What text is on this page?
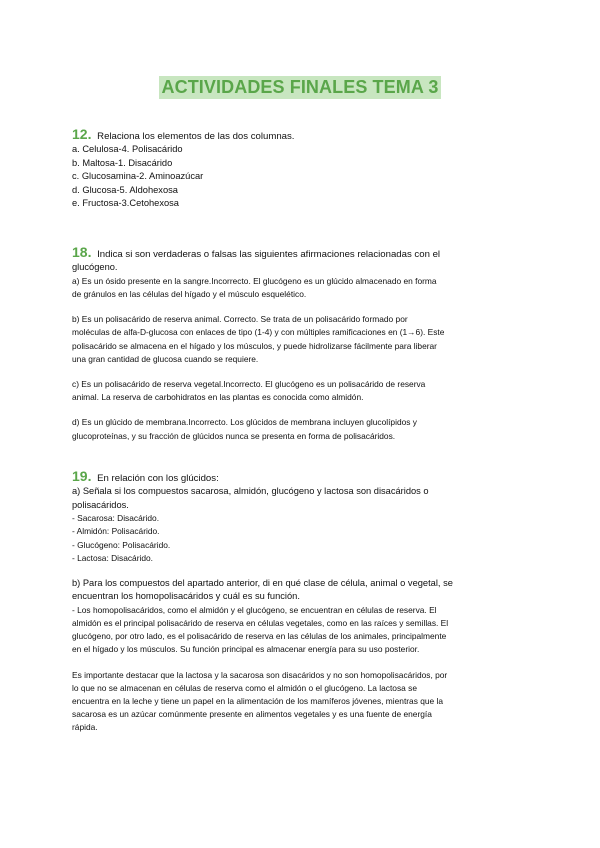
ACTIVIDADES FINALES TEMA 3
12. Relaciona los elementos de las dos columnas.

a. Celulosa-4. Polisacárido

b. Maltosa-1. Disacárido

c. Glucosamina-2. Aminoazúcar

d. Glucosa-5. Aldohexosa

e. Fructosa-3.Cetohexosa

18. Indica si son verdaderas o falsas las siguientes afirmaciones relacionadas con el

glucógeno.

a) Es un ósido presente en la sangre.Incorrecto. El glucógeno es un glúcido almacenado en forma

de gránulos en las células del hígado y el músculo esquelético.

b) Es un polisacárido de reserva animal. Correcto. Se trata de un polisacárido formado por

moléculas de alfa-D-glucosa con enlaces de tipo (1-4) y con múltiples ramificaciones en (1→6). Este

polisacárido se almacena en el hígado y los músculos, y puede hidrolizarse fácilmente para liberar

una gran cantidad de glucosa cuando se requiere.

c) Es un polisacárido de reserva vegetal.Incorrecto. El glucógeno es un polisacárido de reserva

animal. La reserva de carbohidratos en las plantas es conocida como almidón.

d) Es un glúcido de membrana.Incorrecto. Los glúcidos de membrana incluyen glucolípidos y

glucoproteínas, y su fracción de glúcidos nunca se presenta en forma de polisacáridos.

19. En relación con los glúcidos:

a) Señala si los compuestos sacarosa, almidón, glucógeno y lactosa son disacáridos o

polisacáridos.

- Sacarosa: Disacárido.

- Almidón: Polisacárido.

- Glucógeno: Polisacárido.

- Lactosa: Disacárido.

b) Para los compuestos del apartado anterior, di en qué clase de célula, animal o vegetal, se

encuentran los homopolisacáridos y cuál es su función.

- Los homopolisacáridos, como el almidón y el glucógeno, se encuentran en células de reserva. El

almidón es el principal polisacárido de reserva en células vegetales, como en las raíces y semillas. El

glucógeno, por otro lado, es el polisacárido de reserva en las células de los animales, principalmente

en el hígado y los músculos. Su función principal es almacenar energía para su uso posterior.

Es importante destacar que la lactosa y la sacarosa son disacáridos y no son homopolisacáridos, por

lo que no se almacenan en células de reserva como el almidón o el glucógeno. La lactosa se

encuentra en la leche y tiene un papel en la alimentación de los mamíferos jóvenes, mientras que la

sacarosa es un azúcar comúnmente presente en alimentos vegetales y es una fuente de energía

rápida.
